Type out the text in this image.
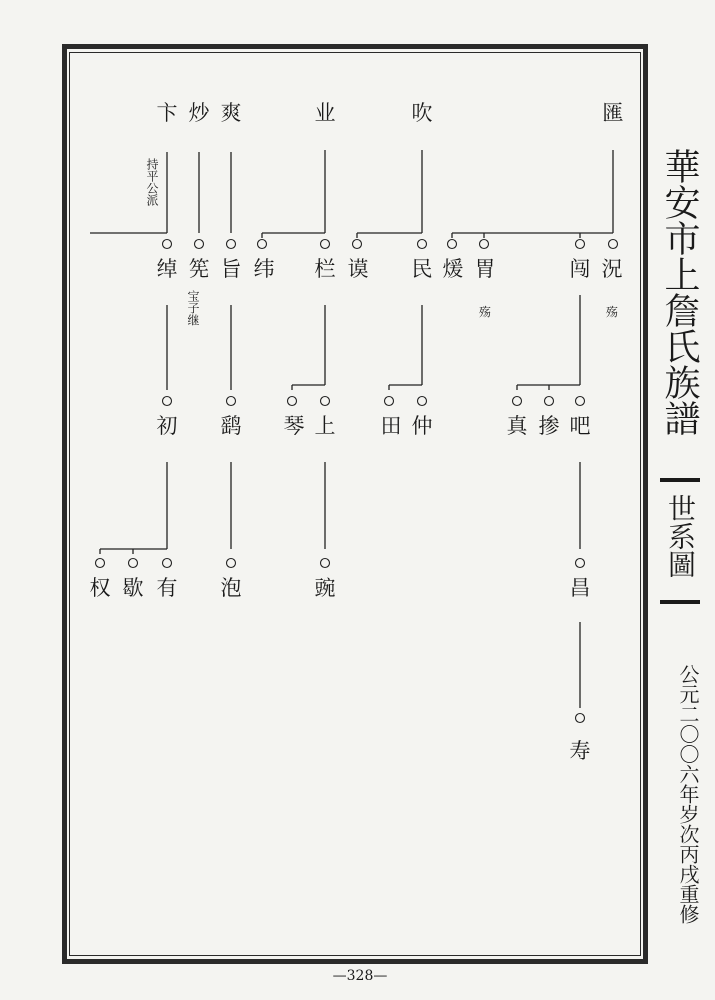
卞 炒 爽	业	吹	匯
持平公派
绰 筅 旨 纬 栏 谟 民 煖 胃	闯 況
宝子继	殇	殇
初 鹞 琴 上 田 仲	真 掺 吧
权 歇 有 泡	豌	昌
寿
華安市上詹氏族譜
世系圖
公元二〇〇六年岁次丙戌重修
—328—
